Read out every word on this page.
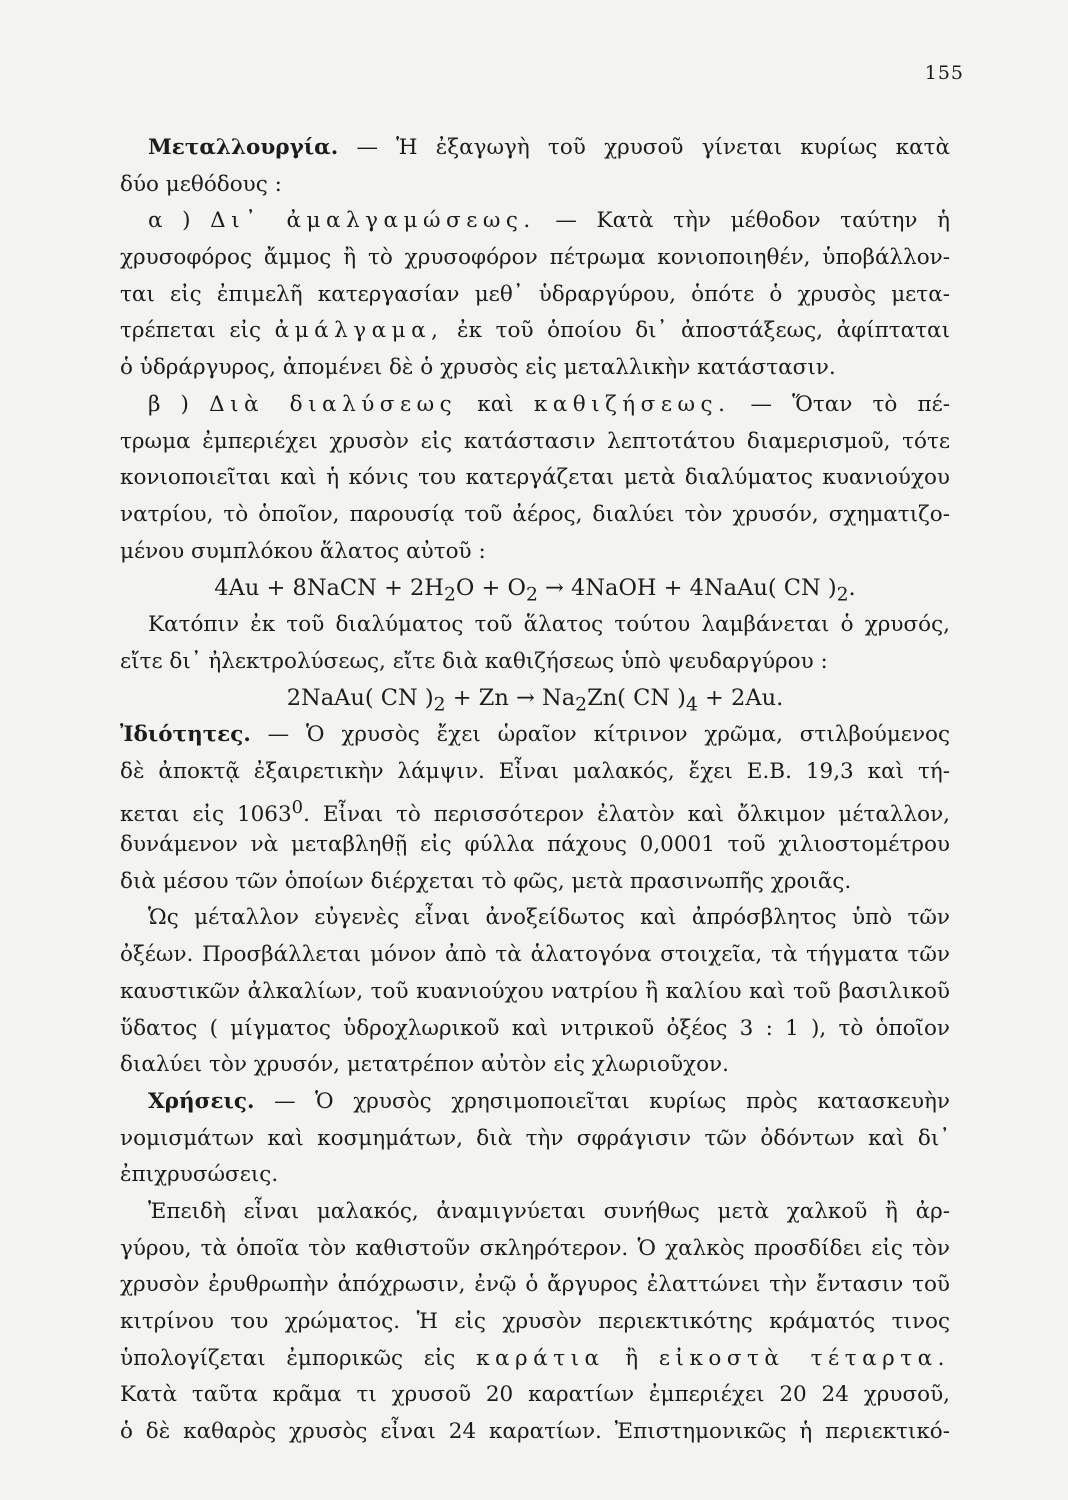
155
Μεταλλουργία. — Ἡ ἐξαγωγὴ τοῦ χρυσοῦ γίνεται κυρίως κατὰ
δύο μεθόδους :
α ) Δι᾽ ἀμαλγαμώσεως. — Κατὰ τὴν μέθοδον ταύτην ἡ
χρυσοφόρος ἄμμος ἢ τὸ χρυσοφόρον πέτρωμα κονιοποιηθέν, ὑποβάλλον-
ται εἰς ἐπιμελῆ κατεργασίαν μεθ᾽ ὑδραργύρου, ὁπότε ὁ χρυσὸς μετα-
τρέπεται εἰς ἀμάλγαμα, ἐκ τοῦ ὁποίου δι᾽ ἀποστάξεως, ἀφίπταται
ὁ ὑδράργυρος, ἀπομένει δὲ ὁ χρυσὸς εἰς μεταλλικὴν κατάστασιν.
β ) Διὰ διαλύσεως καὶ καθιζήσεως. — Ὅταν τὸ πέ-
τρωμα ἐμπεριέχει χρυσὸν εἰς κατάστασιν λεπτοτάτου διαμερισμοῦ, τότε
κονιοποιεῖται καὶ ἡ κόνις του κατεργάζεται μετὰ διαλύματος κυανιούχου
νατρίου, τὸ ὁποῖον, παρουσίᾳ τοῦ ἀέρος, διαλύει τὸν χρυσόν, σχηματιζο-
μένου συμπλόκου ἅλατος αὐτοῦ :
4Au + 8NaCN + $2H_2O + O_2$ → 4NaOH + 4NaAu( CN )$_2$.
Κατόπιν ἐκ τοῦ διαλύματος τοῦ ἅλατος τούτου λαμβάνεται ὁ χρυσός,
εἴτε δι᾽ ἠλεκτρολύσεως, εἴτε διὰ καθιζήσεως ὑπὸ ψευδαργύρου :
2NaAu( CN )$_2 + Zn \to Na_2Zn$( CN )$_4 + 2Au$.
Ἰδιότητες. — Ὁ χρυσὸς ἔχει ὡραῖον κίτρινον χρῶμα, στιλβούμενος
δὲ ἀποκτᾷ ἐξαιρετικὴν λάμψιν. Εἶναι μαλακός, ἔχει Ε.Β. 19,3 καὶ τή-
κεται εἰς 1063$^0$. Εἶναι τὸ περισσότερον ἐλατὸν καὶ ὄλκιμον μέταλλον,
δυνάμενον νὰ μεταβληθῇ εἰς φύλλα πάχους 0,0001 τοῦ χιλιοστομέτρου
διὰ μέσου τῶν ὁποίων διέρχεται τὸ φῶς, μετὰ πρασινωπῆς χροιᾶς.
Ὡς μέταλλον εὐγενὲς εἶναι ἀνοξείδωτος καὶ ἀπρόσβλητος ὑπὸ τῶν
ὀξέων. Προσβάλλεται μόνον ἀπὸ τὰ ἁλατογόνα στοιχεῖα, τὰ τήγματα τῶν
καυστικῶν ἀλκαλίων, τοῦ κυανιούχου νατρίου ἢ καλίου καὶ τοῦ βασιλικοῦ
ὕδατος ( μίγματος ὑδροχλωρικοῦ καὶ νιτρικοῦ ὀξέος 3 : 1 ), τὸ ὁποῖον
διαλύει τὸν χρυσόν, μετατρέπον αὐτὸν εἰς χλωριοῦχον.
Χρήσεις. — Ὁ χρυσὸς χρησιμοποιεῖται κυρίως πρὸς κατασκευὴν
νομισμάτων καὶ κοσμημάτων, διὰ τὴν σφράγισιν τῶν ὀδόντων καὶ δι᾽
ἐπιχρυσώσεις.
Ἐπειδὴ εἶναι μαλακός, ἀναμιγνύεται συνήθως μετὰ χαλκοῦ ἢ ἀρ-
γύρου, τὰ ὁποῖα τὸν καθιστοῦν σκληρότερον. Ὁ χαλκὸς προσδίδει εἰς τὸν
χρυσὸν ἐρυθρωπὴν ἀπόχρωσιν, ἐνῷ ὁ ἄργυρος ἐλαττώνει τὴν ἔντασιν τοῦ
κιτρίνου του χρώματος. Ἡ εἰς χρυσὸν περιεκτικότης κράματός τινος
ὑπολογίζεται ἐμπορικῶς εἰς καράτια ἢ εἰκοστὰ τέταρτα.
Κατὰ ταῦτα κρᾶμα τι χρυσοῦ 20 καρατίων ἐμπεριέχει 20 24 χρυσοῦ,
ὁ δὲ καθαρὸς χρυσὸς εἶναι 24 καρατίων. Ἐπιστημονικῶς ἡ περιεκτικό-
